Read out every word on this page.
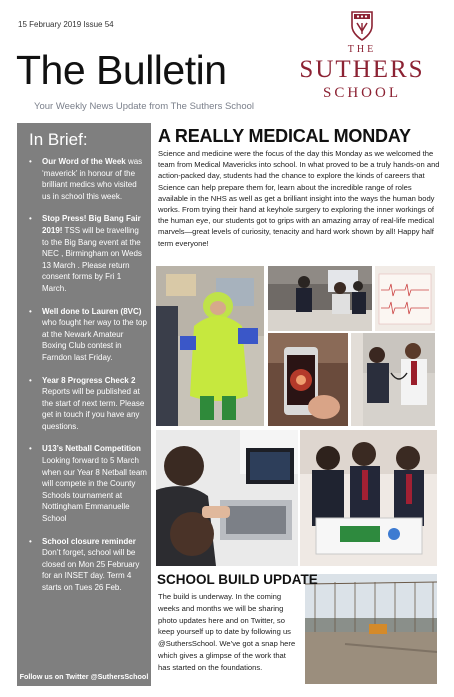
15 February 2019 Issue 54
The Bulletin
Your Weekly News Update from The Suthers School
THE
SUTHERS
SCHOOL
In Brief:
• Our Word of the Week was ‘maverick’ in honour of the brilliant medics who visited us in school this week.
• Stop Press! Big Bang Fair 2019! TSS will be travelling to the Big Bang event at the NEC , Birmingham on Weds 13 March . Please return consent forms by Fri 1 March.
• Well done to Lauren (8VC) who fought her way to the top at the Newark Amateur Boxing Club contest in Farndon last Friday.
• Year 8 Progress Check 2 Reports will be published at the start of next term. Please get in touch if you have any questions.
• U13’s Netball Competition Looking forward to 5 March when our Year 8 Netball team will compete in the County Schools tournament at Nottingham Emmanuelle School
• School closure reminder Don’t forget, school will be closed on Mon 25 February for an INSET day. Term 4 starts on Tues 26 Feb.
Follow us on Twitter @SuthersSchool
A REALLY MEDICAL MONDAY
Science and medicine were the focus of the day this Monday as we welcomed the team from Medical Mavericks into school. In what proved to be a truly hands-on and action-packed day, students had the chance to explore the kinds of careers that Science can help prepare them for, learn about the incredible range of roles available in the NHS as well as get a brilliant insight into the ways the human body works. From trying their hand at keyhole surgery to exploring the inner workings of the human eye, our students got to grips with an amazing array of real-life medical marvels—great levels of curiosity, tenacity and hard work shown by all! Happy half term everyone!
SCHOOL BUILD UPDATE
The build is underway. In the coming weeks and months we will be sharing photo updates here and on Twitter, so keep yourself up to date by following us @SuthersSchool. We’ve got a snap here which gives a glimpse of the work that has started on the foundations.
